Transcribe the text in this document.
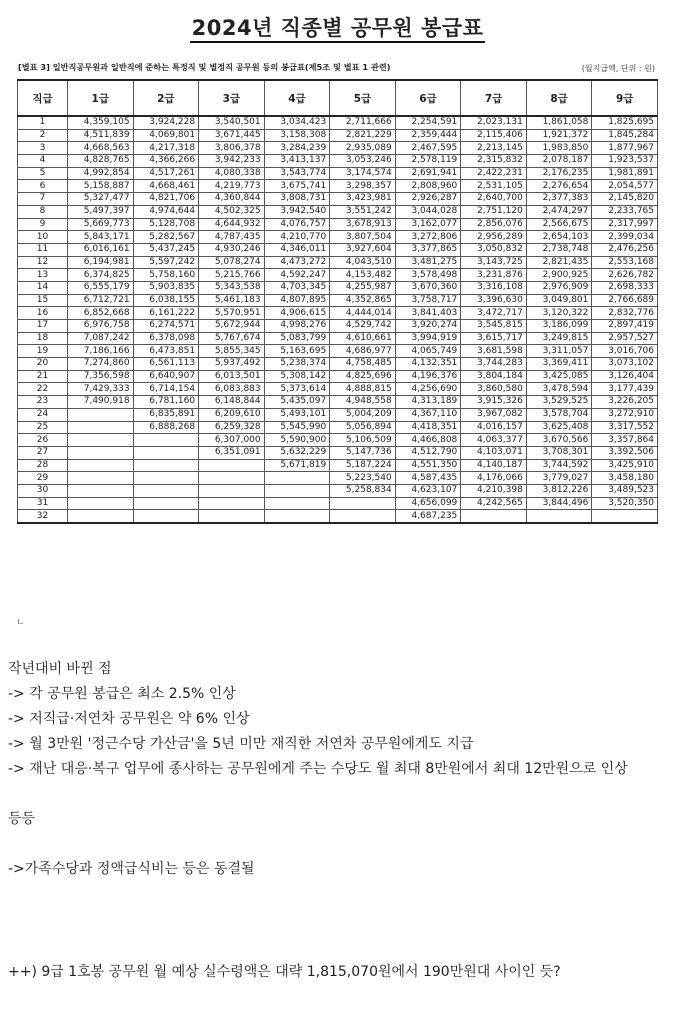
2024년 직종별 공무원 봉급표
[별표 3] 일반직공무원과 일반직에 준하는 특정직 및 별정직 공무원 등의 봉급표(제5조 및 별표 1 관련)	(월지급액, 단위 : 원)
직급	1급	2급	3급	4급	5급	6급	7급	8급	9급
1	4,359,105	3,924,228	3,540,501	3,034,423	2,711,666	2,254,591	2,023,131	1,861,058	1,825,695
2	4,511,839	4,069,801	3,671,445	3,158,308	2,821,229	2,359,444	2,115,406	1,921,372	1,845,284
3	4,668,563	4,217,318	3,806,378	3,284,239	2,935,089	2,467,595	2,213,145	1,983,850	1,877,967
4	4,828,765	4,366,266	3,942,233	3,413,137	3,053,246	2,578,119	2,315,832	2,078,187	1,923,537
5	4,992,854	4,517,261	4,080,338	3,543,774	3,174,574	2,691,941	2,422,231	2,176,235	1,981,891
6	5,158,887	4,668,461	4,219,773	3,675,741	3,298,357	2,808,960	2,531,105	2,276,654	2,054,577
7	5,327,477	4,821,706	4,360,844	3,808,731	3,423,981	2,926,287	2,640,700	2,377,383	2,145,820
8	5,497,397	4,974,644	4,502,325	3,942,540	3,551,242	3,044,028	2,751,120	2,474,297	2,233,765
9	5,669,773	5,128,708	4,644,932	4,076,757	3,678,913	3,162,077	2,856,076	2,566,675	2,317,997
10	5,843,171	5,282,567	4,787,435	4,210,770	3,807,504	3,272,806	2,956,289	2,654,103	2,399,034
11	6,016,161	5,437,245	4,930,246	4,346,011	3,927,604	3,377,865	3,050,832	2,738,748	2,476,256
12	6,194,981	5,597,242	5,078,274	4,473,272	4,043,510	3,481,275	3,143,725	2,821,435	2,553,168
13	6,374,825	5,758,160	5,215,766	4,592,247	4,153,482	3,578,498	3,231,876	2,900,925	2,626,782
14	6,555,179	5,903,835	5,343,538	4,703,345	4,255,987	3,670,360	3,316,108	2,976,909	2,698,333
15	6,712,721	6,038,155	5,461,183	4,807,895	4,352,865	3,758,717	3,396,630	3,049,801	2,766,689
16	6,852,668	6,161,222	5,570,951	4,906,615	4,444,014	3,841,403	3,472,717	3,120,322	2,832,776
17	6,976,758	6,274,571	5,672,944	4,998,276	4,529,742	3,920,274	3,545,815	3,186,099	2,897,419
18	7,087,242	6,378,098	5,767,674	5,083,799	4,610,661	3,994,919	3,615,717	3,249,815	2,957,527
19	7,186,166	6,473,851	5,855,345	5,163,695	4,686,977	4,065,749	3,681,598	3,311,057	3,016,706
20	7,274,860	6,561,113	5,937,492	5,238,374	4,758,485	4,132,351	3,744,283	3,369,411	3,073,102
21	7,356,598	6,640,907	6,013,501	5,308,142	4,825,696	4,196,376	3,804,184	3,425,085	3,126,404
22	7,429,333	6,714,154	6,083,883	5,373,614	4,888,815	4,256,690	3,860,580	3,478,594	3,177,439
23	7,490,918	6,781,160	6,148,844	5,435,097	4,948,558	4,313,189	3,915,326	3,529,525	3,226,205
24		6,835,891	6,209,610	5,493,101	5,004,209	4,367,110	3,967,082	3,578,704	3,272,910
25		6,888,268	6,259,328	5,545,990	5,056,894	4,418,351	4,016,157	3,625,408	3,317,552
26			6,307,000	5,590,900	5,106,509	4,466,808	4,063,377	3,670,566	3,357,864
27			6,351,091	5,632,229	5,147,736	4,512,790	4,103,071	3,708,301	3,392,506
28				5,671,819	5,187,224	4,551,350	4,140,187	3,744,592	3,425,910
29					5,223,540	4,587,435	4,176,066	3,779,027	3,458,180
30					5,258,834	4,623,107	4,210,398	3,812,226	3,489,523
31						4,656,099	4,242,565	3,844,496	3,520,350
32						4,687,235			
ㄴ

작년대비 바뀐 점

-> 각 공무원 봉급은 최소 2.5% 인상

-> 저직급·저연차 공무원은 약 6% 인상

-> 월 3만원 '정근수당 가산금'을 5년 미만 재직한 저연차 공무원에게도 지급

-> 재난 대응·복구 업무에 종사하는 공무원에게 주는 수당도 월 최대 8만원에서 최대 12만원으로 인상

등등

->가족수당과 정액급식비는 등은 동결될

++) 9급 1호봉 공무원 월 예상 실수령액은 대략 1,815,070원에서 190만원대 사이인 듯?
